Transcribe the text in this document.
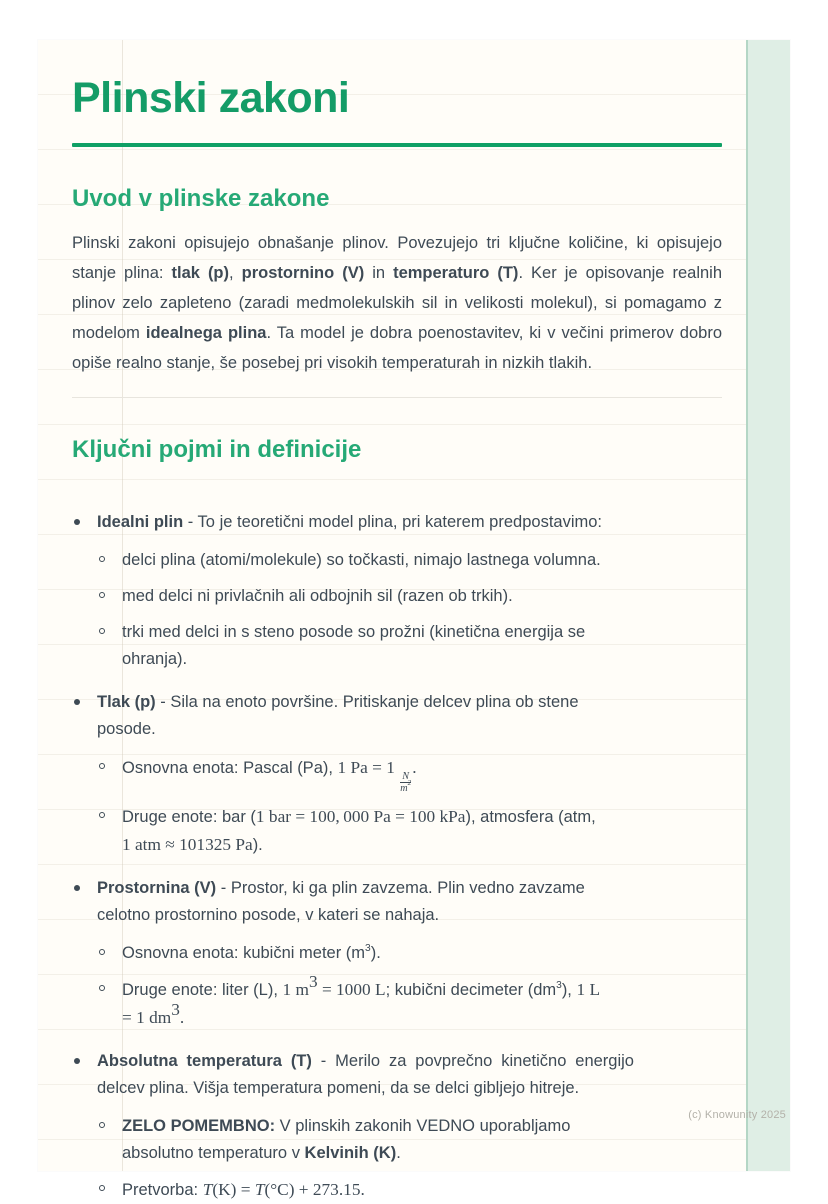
Plinski zakoni
Uvod v plinske zakone

Plinski zakoni opisujejo obnašanje plinov. Povezujejo tri ključne količine, ki opisujejo stanje plina: tlak (p), prostornino (V) in temperaturo (T). Ker je opisovanje realnih plinov zelo zapleteno (zaradi medmolekulskih sil in velikosti molekul), si pomagamo z modelom idealnega plina. Ta model je dobra poenostavitev, ki v večini primerov dobro opiše realno stanje, še posebej pri visokih temperaturah in nizkih tlakih.

Ključni pojmi in definicije
Idealni plin - To je teoretični model plina, pri katerem predpostavimo:
delci plina (atomi/molekule) so točkasti, nimajo lastnega volumna.
med delci ni privlačnih ali odbojnih sil (razen ob trkih).
trki med delci in s steno posode so prožni (kinetična energija se ohranja).
Tlak (p) - Sila na enoto površine. Pritiskanje delcev plina ob stene posode.
Osnovna enota: Pascal (Pa), 1 Pa = 1
$\frac{N}{m^2}$
.
Druge enote: bar (1 bar = 100, 000 Pa = 100 kPa), atmosfera (atm, 1 atm ≈ 101325 Pa).
Prostornina (V) - Prostor, ki ga plin zavzema. Plin vedno zavzame celotno prostornino posode, v kateri se nahaja.
Osnovna enota: kubični meter $(m^3)$.
Druge enote: liter (L), 1 $m^3 = 1000$ L; kubični decimeter $(dm^3)$, 1 L = 1 $dm^3$.
Absolutna temperatura (T) - Merilo za povprečno kinetično energijo delcev plina. Višja temperatura pomeni, da se delci gibljejo hitreje.
ZELO POMEMBNO: V plinskih zakonih VEDNO uporabljamo absolutno temperaturo v Kelvinih (K).
Pretvorba: T(K) = T(°C) + 273.15.
(c) Knowunity 2025
